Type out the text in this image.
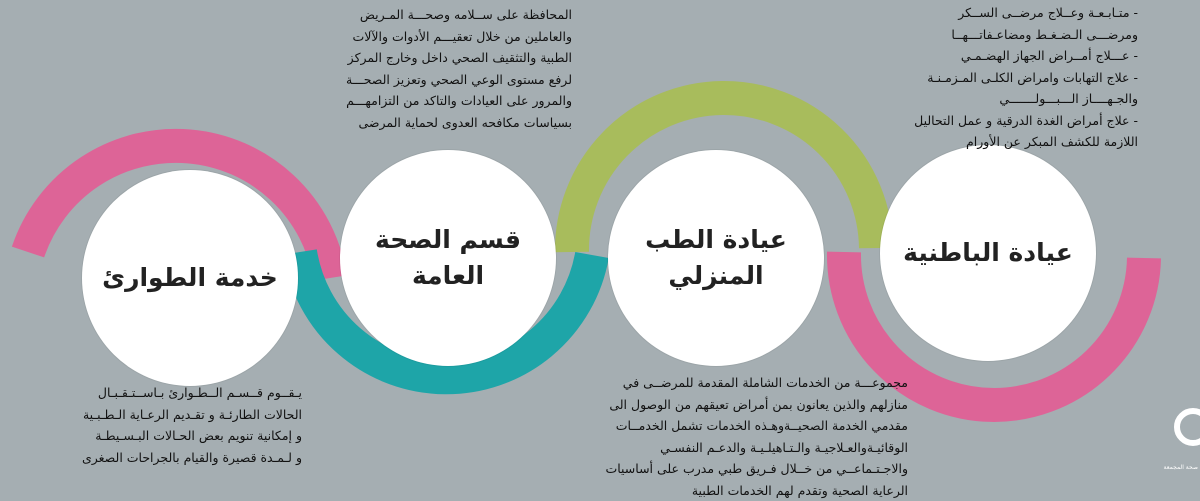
خدمة الطوارئ
قسم الصحة العامة
عيادة الطب المنزلي
عيادة الباطنية
- متـابـعـة وعــلاج مرضــى الســكر
ومرضـــى الـضـغـط ومضاعـفاتـــهــا
- عـــلاج أمــراض الجهاز الهضـمـي
- علاج التهابات وامراض الكلـى المـزمـنـة
والجـهــــاز الـــبـــولـــــــي
- علاج أمراض الغدة الدرقية و عمل التحاليل
اللازمة للكشف المبكر عن الأورام
المحافظة على ســلامه وصحـــة المـريض
والعاملين من خلال تعقيـــم الأدوات والآلات
الطبية والتثقيف الصحي داخل وخارج المركز
لرفع مستوى الوعي الصحي وتعزيز الصحـــة
والمرور على العيادات والتاكد من التزامهـــم
بسياسات مكافحه العدوى لحماية المرضى
مجموعـــة من الخدمات الشاملة المقدمة للمرضــى في
منازلهم والذين يعانون بمن أمراض تعيقهم من الوصول الى
مقدمي الخدمة الصحيــةوهـذه الخدمات تشمل الخدمــات
الوقائيـةوالعـلاجيـة والـتـاهيلـيـة والدعـم النفسـي
والاجـتـماعــي من خــلال فـريق طبي مدرب على أساسيات
الرعاية الصحية وتقدم لهم الخدمات الطبية
يـقــوم قــسـم الــطـوارئ بـاســتـقـبـال
الحالات الطارئـة و تقـديم الرعـاية الـطـبـية
و إمكانية تنويم بعض الحـالات البـسـيطـة
و لـمـدة قصيرة والقيام بالجراحات الصغرى
صحة المجمعة
